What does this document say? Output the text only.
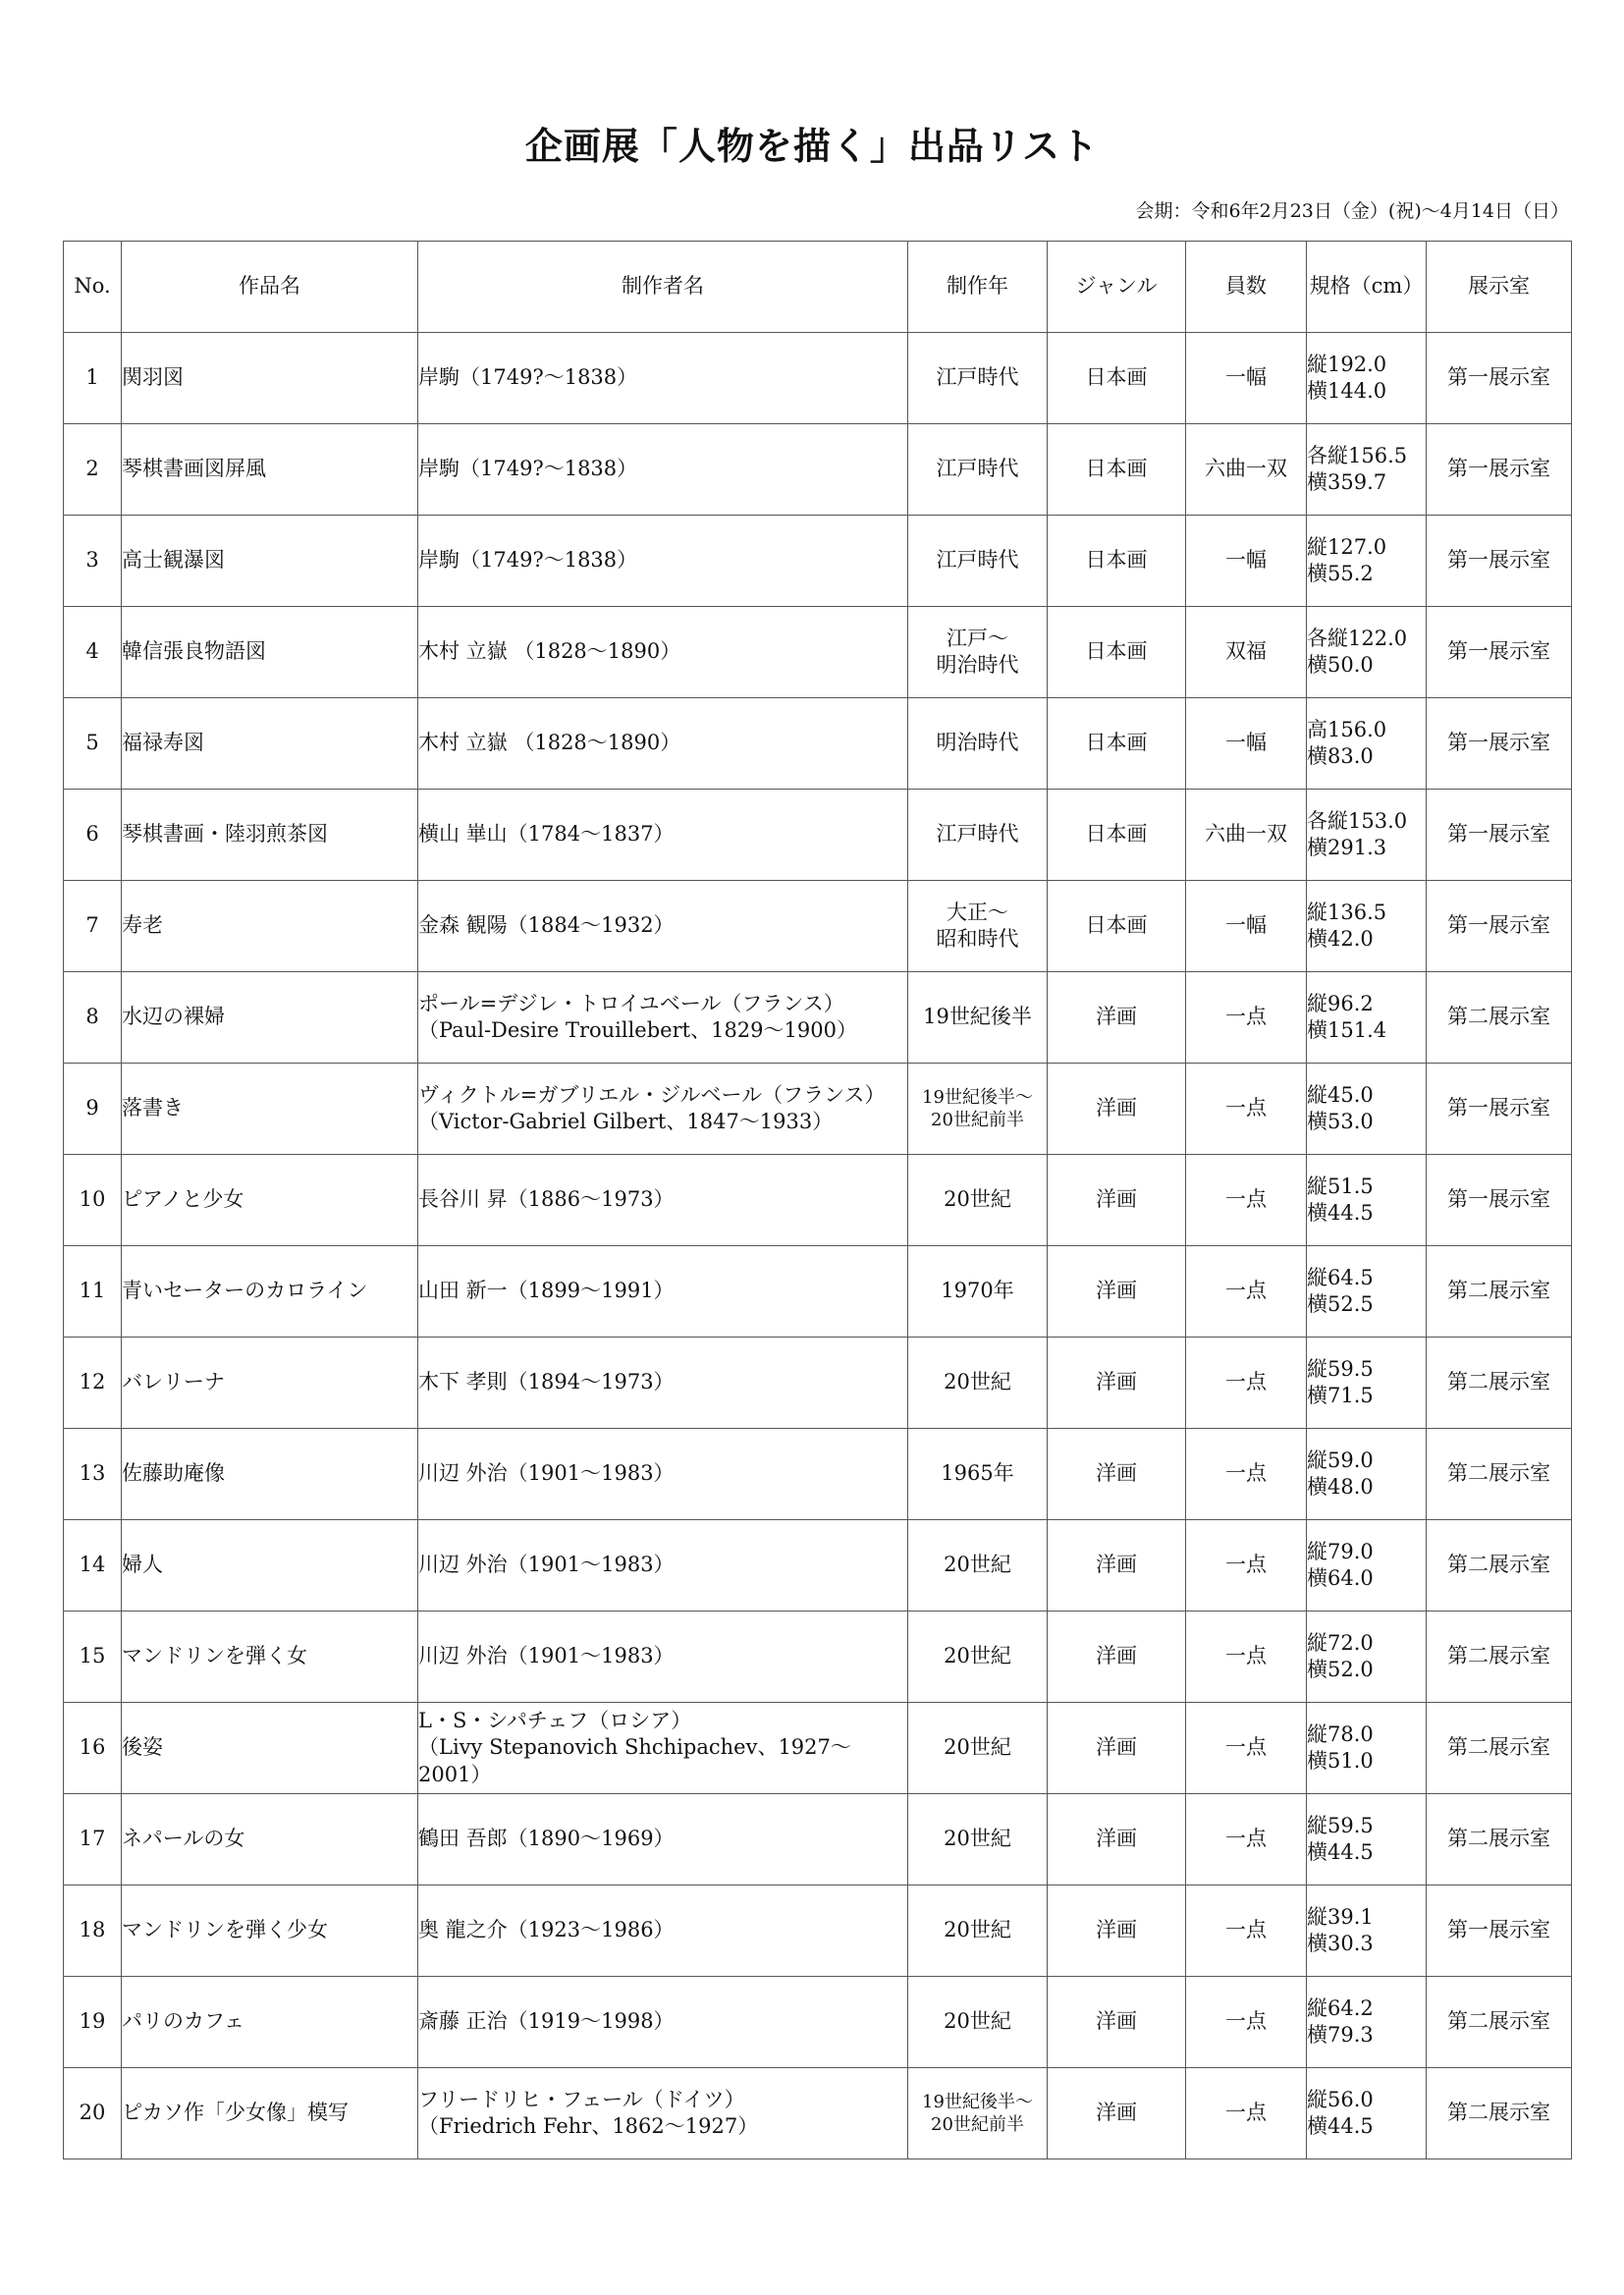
企画展「人物を描く」出品リスト
会期：令和6年2月23日（金）(祝)～4月14日（日）
No.	作品名	制作者名	制作年	ジャンル	員数	規格（cm）	展示室

1	関羽図	岸駒（1749?～1838）	江戸時代	日本画	一幅	縦192.0
横144.0	第一展示室

2	琴棋書画図屏風	岸駒（1749?～1838）	江戸時代	日本画	六曲一双	各縦156.5
横359.7	第一展示室

3	高士観瀑図	岸駒（1749?～1838）	江戸時代	日本画	一幅	縦127.0
横55.2	第一展示室

4	韓信張良物語図	木村 立嶽 （1828～1890）	江戸～
明治時代	日本画	双福	各縦122.0
横50.0	第一展示室

5	福禄寿図	木村 立嶽 （1828～1890）	明治時代	日本画	一幅	高156.0
横83.0	第一展示室

6	琴棋書画・陸羽煎茶図	横山 崋山（1784～1837）	江戸時代	日本画	六曲一双	各縦153.0
横291.3	第一展示室

7	寿老	金森 観陽（1884～1932）	大正～
昭和時代	日本画	一幅	縦136.5
横42.0	第一展示室

8	水辺の裸婦	ポール=デジレ・トロイユベール（フランス）
（Paul-Desire Trouillebert、1829～1900）	19世紀後半	洋画	一点	縦96.2
横151.4	第二展示室

9	落書き	ヴィクトル=ガブリエル・ジルベール（フランス）
（Victor-Gabriel Gilbert、1847～1933）	19世紀後半～
20世紀前半	洋画	一点	縦45.0
横53.0	第一展示室

10	ピアノと少女	長谷川 昇（1886～1973）	20世紀	洋画	一点	縦51.5
横44.5	第一展示室

11	青いセーターのカロライン	山田 新一（1899～1991）	1970年	洋画	一点	縦64.5
横52.5	第二展示室

12	バレリーナ	木下 孝則（1894～1973）	20世紀	洋画	一点	縦59.5
横71.5	第二展示室

13	佐藤助庵像	川辺 外治（1901～1983）	1965年	洋画	一点	縦59.0
横48.0	第二展示室

14	婦人	川辺 外治（1901～1983）	20世紀	洋画	一点	縦79.0
横64.0	第二展示室

15	マンドリンを弾く女	川辺 外治（1901～1983）	20世紀	洋画	一点	縦72.0
横52.0	第二展示室

16	後姿	L・S・シパチェフ（ロシア）
（Livy Stepanovich Shchipachev、1927～2001）	20世紀	洋画	一点	縦78.0
横51.0	第二展示室

17	ネパールの女	鶴田 吾郎（1890～1969）	20世紀	洋画	一点	縦59.5
横44.5	第二展示室

18	マンドリンを弾く少女	奥 龍之介（1923～1986）	20世紀	洋画	一点	縦39.1
横30.3	第一展示室

19	パリのカフェ	斎藤 正治（1919～1998）	20世紀	洋画	一点	縦64.2
横79.3	第二展示室

20	ピカソ作「少女像」模写	フリードリヒ・フェール（ドイツ）
（Friedrich Fehr、1862～1927）	19世紀後半～
20世紀前半	洋画	一点	縦56.0
横44.5	第二展示室
